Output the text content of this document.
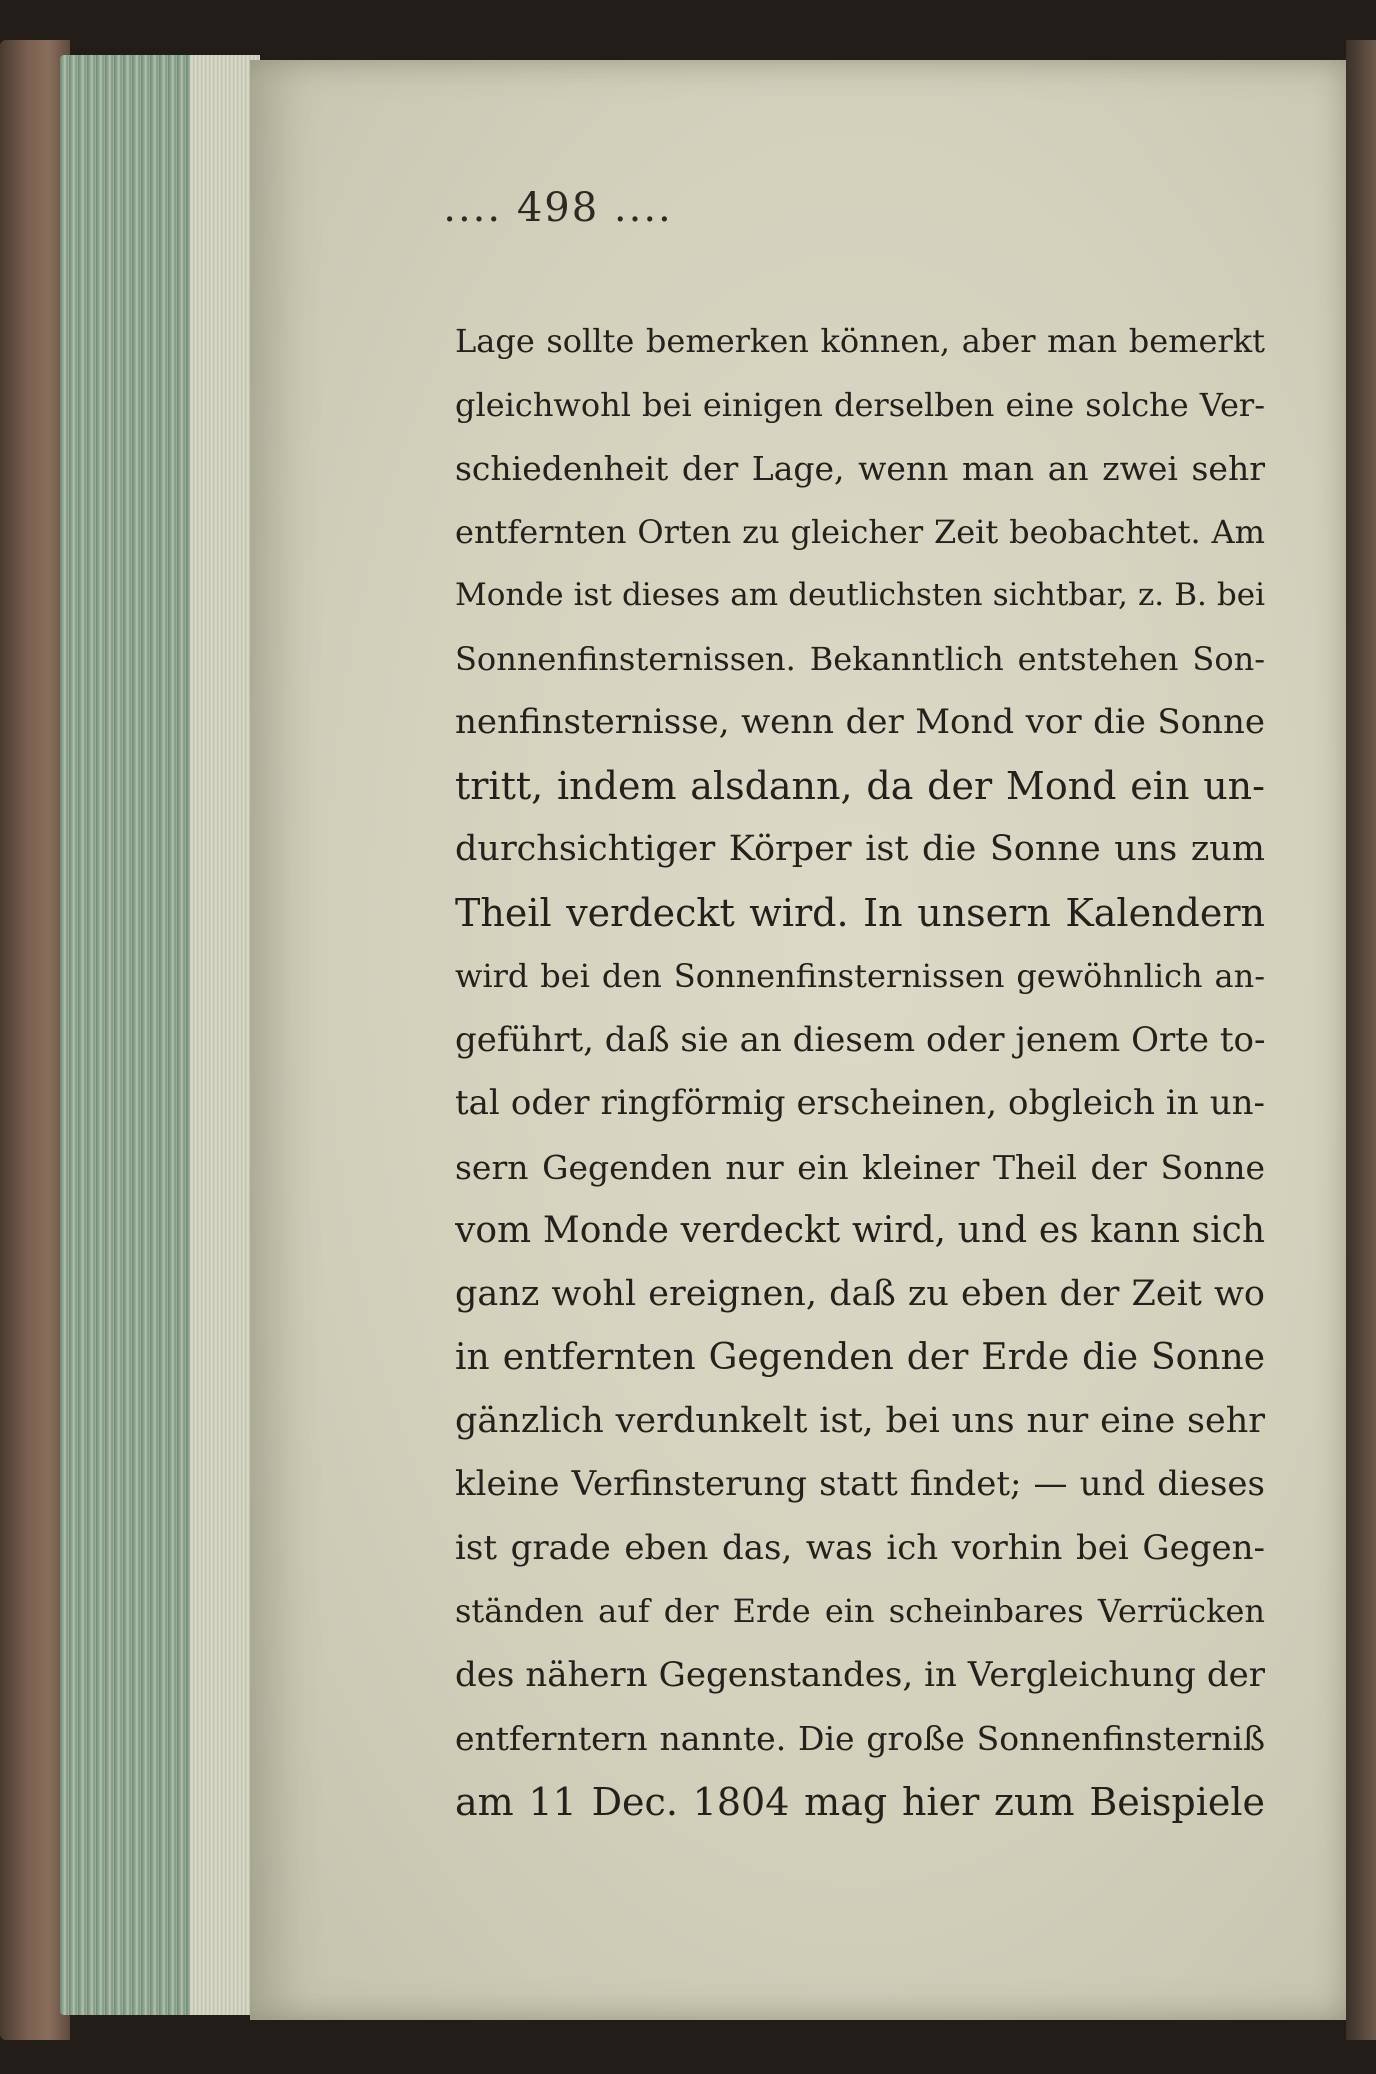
.... 498 ....
Lage sollte bemerken können, aber man bemerkt
gleichwohl bei einigen derselben eine solche Ver-
schiedenheit der Lage, wenn man an zwei sehr
entfernten Orten zu gleicher Zeit beobachtet. Am
Monde ist dieses am deutlichsten sichtbar, z. B. bei
Sonnenfinsternissen. Bekanntlich entstehen Son-
nenfinsternisse, wenn der Mond vor die Sonne
tritt, indem alsdann, da der Mond ein un-
durchsichtiger Körper ist die Sonne uns zum
Theil verdeckt wird. In unsern Kalendern
wird bei den Sonnenfinsternissen gewöhnlich an-
geführt, daß sie an diesem oder jenem Orte to-
tal oder ringförmig erscheinen, obgleich in un-
sern Gegenden nur ein kleiner Theil der Sonne
vom Monde verdeckt wird, und es kann sich
ganz wohl ereignen, daß zu eben der Zeit wo
in entfernten Gegenden der Erde die Sonne
gänzlich verdunkelt ist, bei uns nur eine sehr
kleine Verfinsterung statt findet; — und dieses
ist grade eben das, was ich vorhin bei Gegen-
ständen auf der Erde ein scheinbares Verrücken
des nähern Gegenstandes, in Vergleichung der
entferntern nannte. Die große Sonnenfinsterniß
am 11 Dec. 1804 mag hier zum Beispiele
